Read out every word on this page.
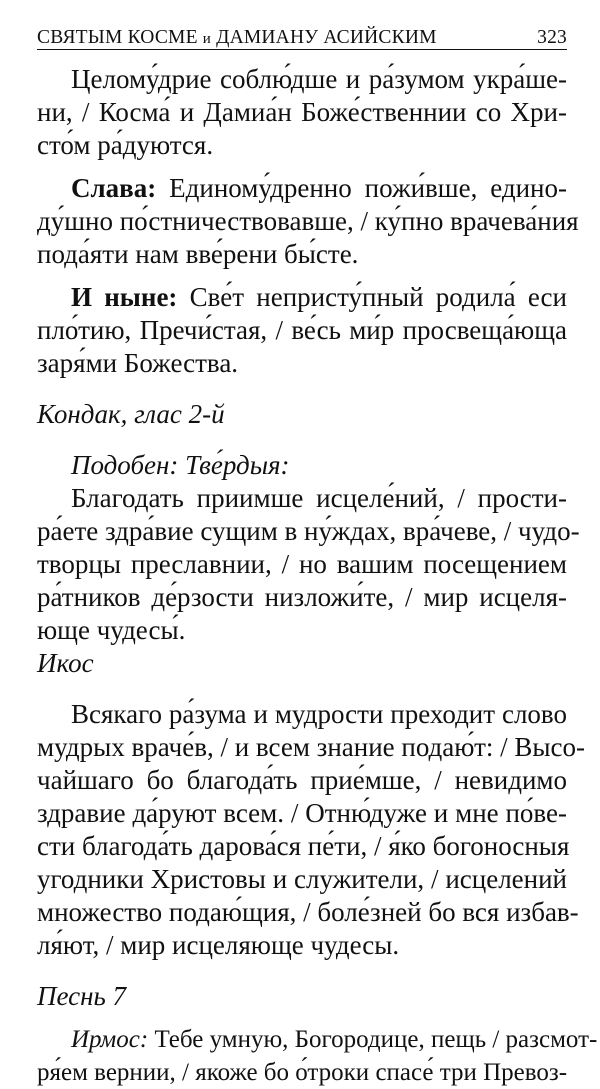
СВЯТЫМ КОСМЕ и ДАМИАНУ АСИЙСКИМ	323
Целому́дрие соблю́дше и ра́зумом укра́ше-
ни, / Косма́ и Дамиа́н Боже́ственнии со Хри-
сто́м ра́дуются.
Слава: Единому́дренно пожи́вше, едино-
ду́шно по́стничествовавше, / ку́пно врачева́ния
пода́яти нам вве́рени бы́сте.
И ныне: Све́т непристу́пный родила́ еси
пло́тию, Пречи́стая, / ве́сь ми́р просвеща́юща
заря́ми Божества.

Кондак, глас 2-й

Подобен: Тве́рдыя:
Благодать приимше исцеле́ний, / прости-
ра́ете здра́вие сущим в ну́ждах, вра́чеве, / чудо-
творцы преславнии, / но вашим посещением
ра́тников де́рзости низложи́те, / мир исцеля-
юще чудесы́.

Икос

Всякаго ра́зума и мудрости преходит слово
мудрых враче́в, / и всем знание подаю́т: / Высо-
чайшаго бо благода́ть прие́мше, / невидимо
здравие да́руют всем. / Отню́дуже и мне по́ве-
сти благода́ть дарова́ся пе́ти, / я́ко богоносныя
угодники Христовы и служители, / исцелений
множество подаю́щия, / боле́зней бо вся избав-
ля́ют, / мир исцеляюще чудесы.

Песнь 7

Ирмос: Тебе умную, Богородице, пещь / разсмот-
ря́ем вернии, / якоже бо о́троки спасе́ три Превоз-
